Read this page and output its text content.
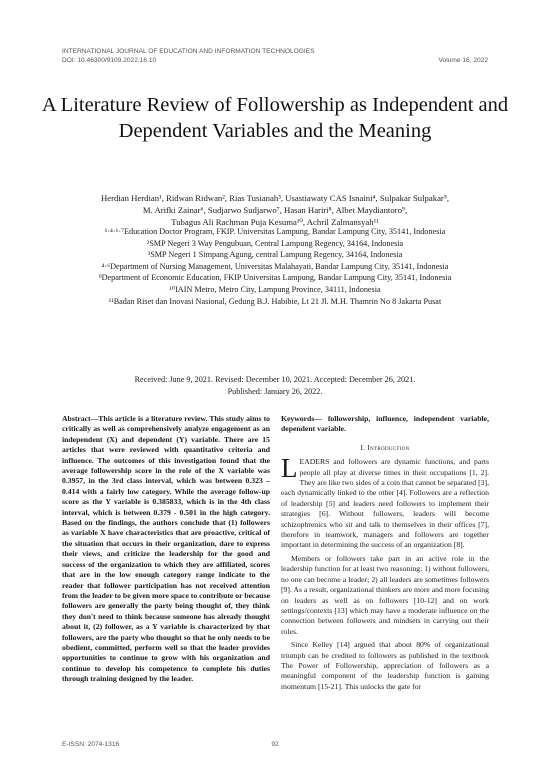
INTERNATIONAL JOURNAL OF EDUCATION AND INFORMATION TECHNOLOGIES
DOI: 10.46300/9109.2022.16.10	Volume 16, 2022
A Literature Review of Followership as Independent and Dependent Variables and the Meaning
Herdian Herdian¹, Ridwan Ridwan², Rias Tusianah³, Usastiawaty CAS Isnaini⁴, Sulpakar Sulpakar⁵,
M. Arifki Zainar⁶, Sudjarwo Sudjarwo⁷, Hasan Hariri⁸, Albet Maydiantoro⁹,
Tubagus Ali Rachman Puja Kesuma¹⁰, Achril Zalmansyah¹¹
¹·⁴·⁶·⁷Education Doctor Program, FKIP. Universitas Lampung, Bandar Lampung City, 35141, Indonesia
²SMP Negeri 3 Way Pengubuan, Central Lampung Regency, 34164, Indonesia
³SMP Negeri 1 Simpang Agung, central Lampung Regency, 34164, Indonesia
⁴·⁶Department of Nursing Management, Universitas Malahayati, Bandar Lampung City, 35141, Indonesia
⁹Department of Economic Education, FKIP Universitas Lampung, Bandar Lampung City, 35141, Indonesia
¹⁰IAIN Metro, Metro City, Lampung Province, 34111, Indonesia
¹¹Badan Riset dan Inovasi Nasional, Gedung B.J. Habibie, Lt 21 Jl. M.H. Thamrin No 8 Jakarta Pusat
Received: June 9, 2021. Revised: December 10, 2021. Accepted: December 26, 2021.
Published: January 26, 2022.

Abstract—This article is a literature review. This study aims to critically as well as comprehensively analyze engagement as an independent (X) and dependent (Y) variable. There are 15 articles that were reviewed with quantitative criteria and influence. The outcomes of this investigation found that the average followership score in the role of the X variable was 0.3957, in the 3rd class interval, which was between 0.323 – 0.414 with a fairly low category. While the average follow-up score as the Y variable is 0.385833, which is in the 4th class interval, which is between 0.379 - 0.501 in the high category. Based on the findings, the authors conclude that (1) followers as variable X have characteristics that are proactive, critical of the situation that occurs in their organization, dare to express their views, and criticize the leadership for the good and success of the organization to which they are affiliated, scores that are in the low enough category range indicate to the reader that follower participation has not received attention from the leader to be given more space to contribute or because followers are generally the party being thought of, they think they don't need to think because someone has already thought about it, (2) follower, as a Y variable is characterized by that followers, are the party who thought so that he only needs to be obedient, committed, perform well so that the leader provides opportunities to continue to grow with his organization and continue to develop his competence to complete his duties through training designed by the leader.

Keywords— followership, influence, independent variable, dependent variable.
I. Introduction

LEADERS and followers are dynamic functions, and parts people all play at diverse times in their occupations [1, 2]. They are like two sides of a coin that cannot be separated [3], each dynamically linked to the other [4]. Followers are a reflection of leadership [5] and leaders need followers to implement their strategies [6]. Without followers, leaders will become schizophrenics who sit and talk to themselves in their offices [7], therefore in teamwork, managers and followers are together important in determining the success of an organization [8].

Members or followers take part in an active role in the leadership function for at least two reasoning: 1) without followers, no one can become a leader; 2) all leaders are sometimes followers [9]. As a result, organizational thinkers are more and more focusing on leaders as well as on followers [10-12] and on work settings/contexts [13] which may have a moderate influence on the connection between followers and mindsets in carrying out their roles.

Since Kelley [14] argued that about 80% of organizational triumph can be credited to followers as published in the textbook The Power of Followership, appreciation of followers as a meaningful component of the leadership function is gaining momentum [15-21]. This unlocks the gate for

E-ISSN: 2074-1316	92
